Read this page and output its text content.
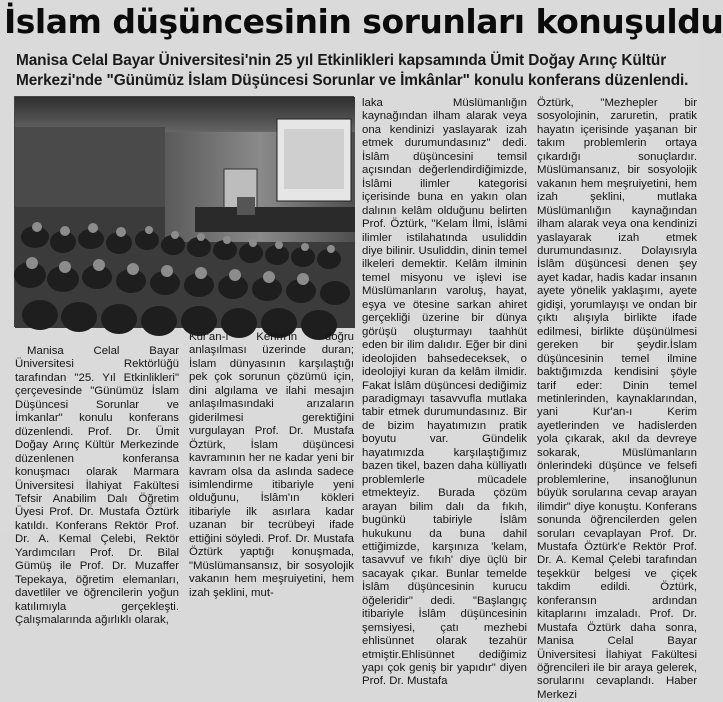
İslam düşüncesinin sorunları konuşuldu

Manisa Celal Bayar Üniversitesi'nin 25 yıl Etkinlikleri kapsamında Ümit Doğay Arınç Kültür Merkezi'nde "Günümüz İslam Düşüncesi Sorunlar ve İmkânlar" konulu konferans düzenlendi.

Manisa Celal Bayar Üniversitesi Rektörlüğü tarafından "25. Yıl Etkinlikleri" çerçevesinde "Günümüz İslam Düşüncesi Sorunlar ve İmkanlar" konulu konferans düzenlendi. Prof. Dr. Ümit Doğay Arınç Kültür Merkezinde düzenlenen konferansa konuşmacı olarak Marmara Üniversitesi İlahiyat Fakültesi Tefsir Anabilim Dalı Öğretim Üyesi Prof. Dr. Mustafa Öztürk katıldı. Konferans Rektör Prof. Dr. A. Kemal Çelebi, Rektör Yardımcıları Prof. Dr. Bilal Gümüş ile Prof. Dr. Muzaffer Tepekaya, öğretim elemanları, davetliler ve öğrencilerin yoğun katılımıyla gerçekleşti. Çalışmalarında ağırlıklı olarak,

Kur'an-ı Kerim'in doğru anlaşılması üzerinde duran; İslam dünyasının karşılaştığı pek çok sorunun çözümü için, dini algılama ve ilahi mesajın anlaşılmasındaki arızaların giderilmesi gerektiğini vurgulayan Prof. Dr. Mustafa Öztürk, İslam düşüncesi kavramının her ne kadar yeni bir kavram olsa da aslında sadece isimlendirme itibariyle yeni olduğunu, İslâm'ın kökleri itibariyle ilk asırlara kadar uzanan bir tecrübeyi ifade ettiğini söyledi. Prof. Dr. Mustafa Öztürk yaptığı konuşmada, "Müslümansansız, bir sosyolojik vakanın hem meşruiyetini, hem izah şeklini, mut-

laka Müslümanlığın kaynağından ilham alarak veya ona kendinizi yaslayarak izah etmek durumundasınız" dedi. İslâm düşüncesini temsil açısından değerlendirdiğimizde, İslâmi ilimler kategorisi içerisinde buna en yakın olan dalının kelâm olduğunu belirten Prof. Öztürk, "Kelam İlmi, İslâmi ilimler istilahatında usuliddin diye bilinir. Usuliddin, dinin temel ilkeleri demektir. Kelâm ilminin temel misyonu ve işlevi ise Müslümanların varoluş, hayat, eşya ve ötesine sarkan ahiret gerçekliği üzerine bir dünya görüşü oluşturmayı taahhüt eden bir ilim dalıdır. Eğer bir dini ideolojiden bahsedeceksek, o ideolojiyi kuran da kelâm ilmidir. Fakat İslâm düşüncesi dediğimiz paradigmayı tasavvufla mutlaka tabir etmek durumundasınız. Bir de bizim hayatımızın pratik boyutu var. Gündelik hayatımızda karşılaştığımız bazen tikel, bazen daha külliyatlı problemlerle mücadele etmekteyiz. Burada çözüm arayan bilim dalı da fıkıh, bugünkü tabiriyle İslâm hukukunu da buna dahil ettiğimizde, karşınıza 'kelam, tasavvuf ve fıkıh' diye üçlü bir sacayak çıkar. Bunlar temelde İslâm düşüncesinin kurucu öğeleridir" dedi. "Başlangıç itibariyle İslâm düşüncesinin şemsiyesi, çatı mezhebi ehlisünnet olarak tezahür etmiştir.Ehlisünnet dediğimiz yapı çok geniş bir yapıdır" diyen Prof. Dr. Mustafa

Öztürk, "Mezhepler bir sosyolojinin, zaruretin, pratik hayatın içerisinde yaşanan bir takım problemlerin ortaya çıkardığı sonuçlardır. Müslümansanız, bir sosyolojik vakanın hem meşruiyetini, hem izah şeklini, mutlaka Müslümanlığın kaynağından ilham alarak veya ona kendinizi yaslayarak izah etmek durumundasınız. Dolayısıyla İslâm düşüncesi denen şey ayet kadar, hadis kadar insanın ayete yönelik yaklaşımı, ayete gidişi, yorumlayışı ve ondan bir çıktı alışıyla birlikte ifade edilmesi, birlikte düşünülmesi gereken bir şeydir.İslam düşüncesinin temel ilmine baktığımızda kendisini şöyle tarif eder: Dinin temel metinlerinden, kaynaklarından, yani Kur'an-ı Kerim ayetlerinden ve hadislerden yola çıkarak, akıl da devreye sokarak, Müslümanların önlerindeki düşünce ve felsefi problemlerine, insanoğlunun büyük sorularına cevap arayan ilimdir" diye konuştu. Konferans sonunda öğrencilerden gelen soruları cevaplayan Prof. Dr. Mustafa Öztürk'e Rektör Prof. Dr. A. Kemal Çelebi tarafından teşekkür belgesi ve çiçek takdim edildi. Öztürk, konferansın ardından kitaplarını imzaladı. Prof. Dr. Mustafa Öztürk daha sonra, Manisa Celal Bayar Üniversitesi İlahiyat Fakültesi öğrencileri ile bir araya gelerek, sorularını cevaplandı. Haber Merkezi
